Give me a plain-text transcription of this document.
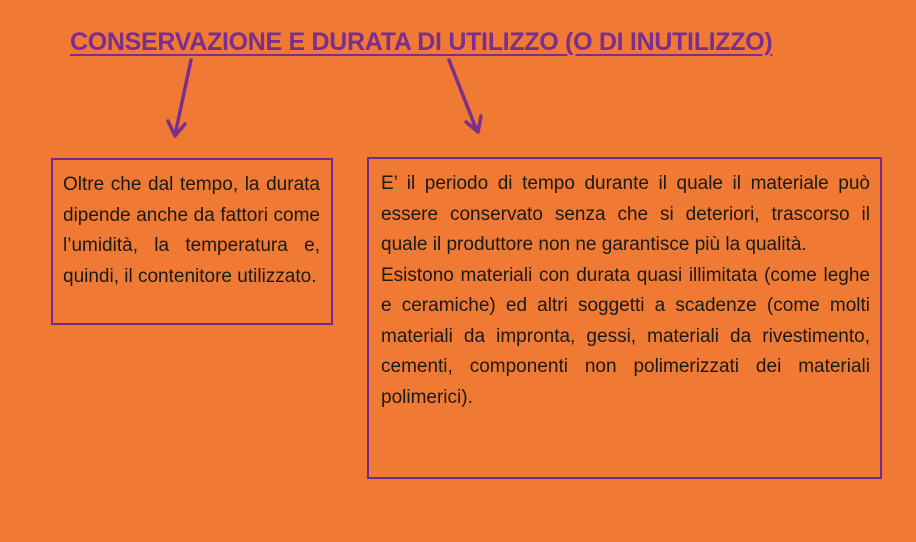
CONSERVAZIONE E DURATA DI UTILIZZO (O DI INUTILIZZO)

Oltre che dal tempo, la durata dipende anche da fattori come l’umidità, la temperatura e, quindi, il contenitore utilizzato.

E’ il periodo di tempo durante il quale il materiale può essere conservato senza che si deteriori, trascorso il quale il produttore non ne garantisce più la qualità.

Esistono materiali con durata quasi illimitata (come leghe e ceramiche) ed altri soggetti a scadenze (come molti materiali da impronta, gessi, materiali da rivestimento, cementi, componenti non polimerizzati dei materiali polimerici).
